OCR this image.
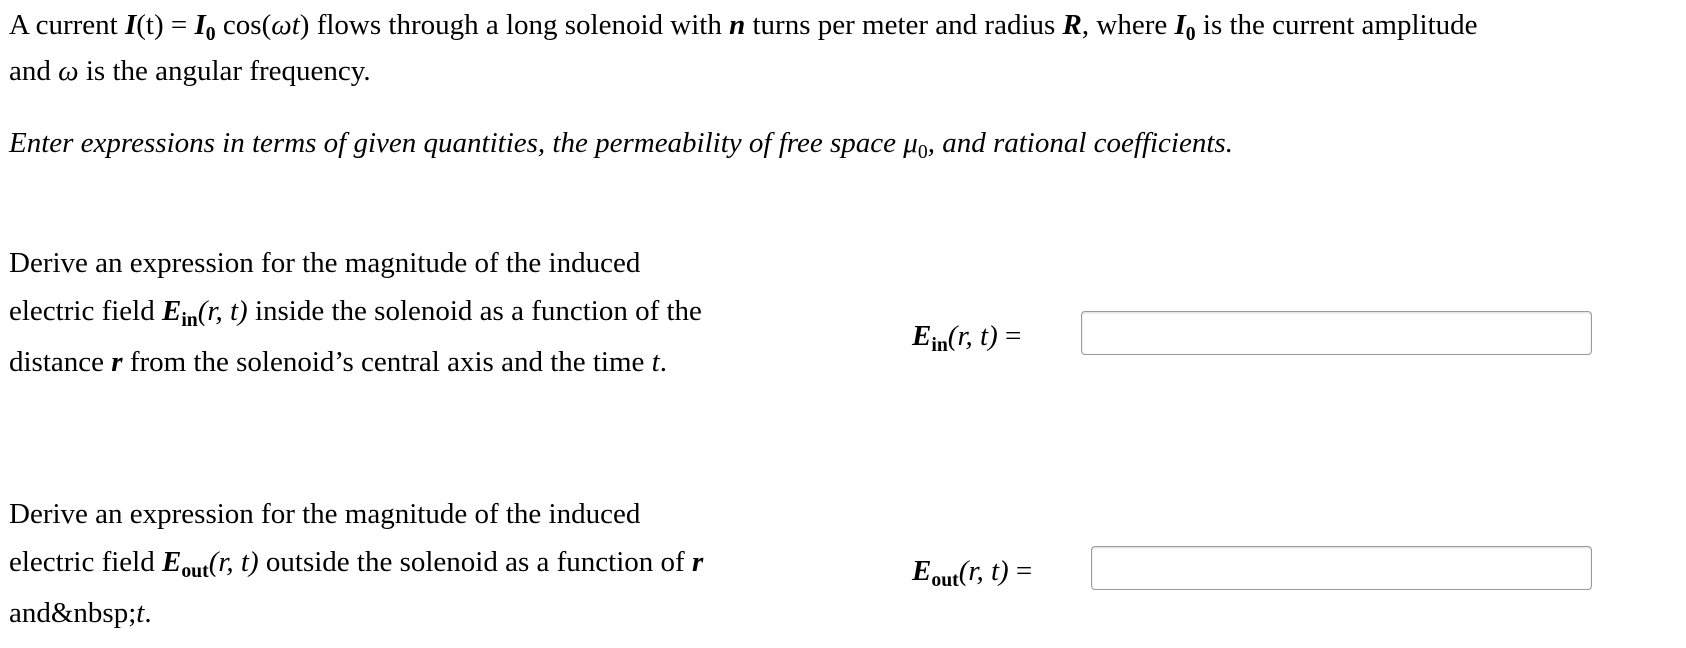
A current $I(t) = I_0$ cos(ωt) flows through a long solenoid with n turns per meter and radius R, where $I_0$ is the current amplitude
and ω is the angular frequency.
Enter expressions in terms of given quantities, the permeability of free space $\mu_0$, and rational coefficients.
Derive an expression for the magnitude of the induced
electric field $E_{in}(r$, t) inside the solenoid as a function of the
distance r from the solenoid’s central axis and the time t.
$E_{in}(r$, t) =
Derive an expression for the magnitude of the induced
electric field $E_{out}(r$, t) outside the solenoid as a function of r
and&nbsp;t.
$E_{out}(r$, t) =
